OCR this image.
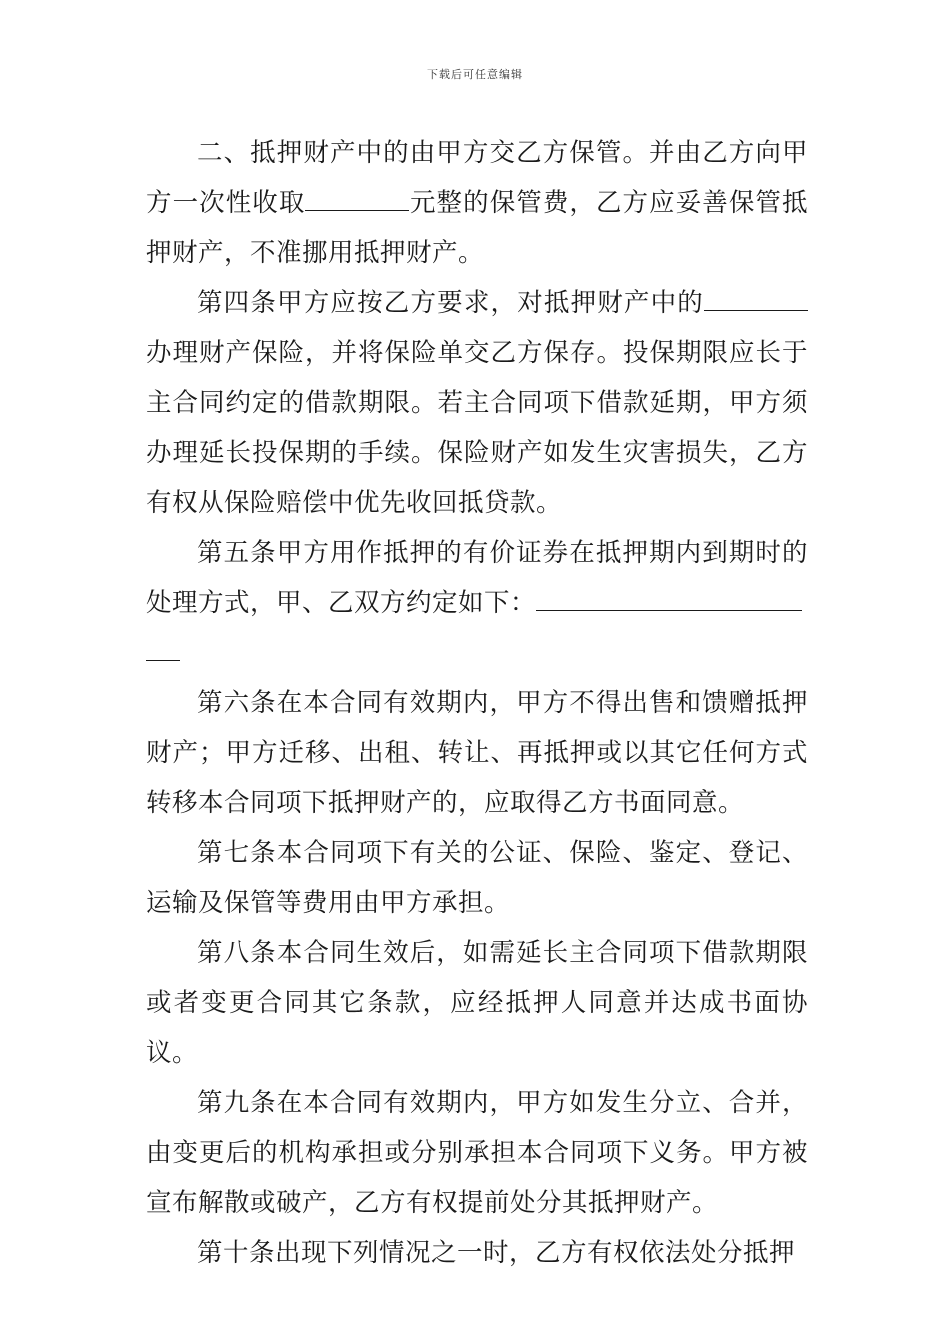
下载后可任意编辑

二、抵押财产中的由甲方交乙方保管。并由乙方向甲方一次性收取	元整的保管费，乙方应妥善保管抵押财产，不准挪用抵押财产。

第四条甲方应按乙方要求，对抵押财产中的办理财产保险，并将保险单交乙方保存。投保期限应长于主合同约定的借款期限。若主合同项下借款延期，甲方须办理延长投保期的手续。保险财产如发生灾害损失，乙方有权从保险赔偿中优先收回抵贷款。

第五条甲方用作抵押的有价证券在抵押期内到期时的处理方式，甲、乙双方约定如下：

第六条在本合同有效期内，甲方不得出售和馈赠抵押财产；甲方迁移、出租、转让、再抵押或以其它任何方式转移本合同项下抵押财产的，应取得乙方书面同意。

第七条本合同项下有关的公证、保险、鉴定、登记、运输及保管等费用由甲方承担。

第八条本合同生效后，如需延长主合同项下借款期限或者变更合同其它条款，应经抵押人同意并达成书面协议。

第九条在本合同有效期内，甲方如发生分立、合并，由变更后的机构承担或分别承担本合同项下义务。甲方被宣布解散或破产，乙方有权提前处分其抵押财产。

第十条出现下列情况之一时，乙方有权依法处分抵押
